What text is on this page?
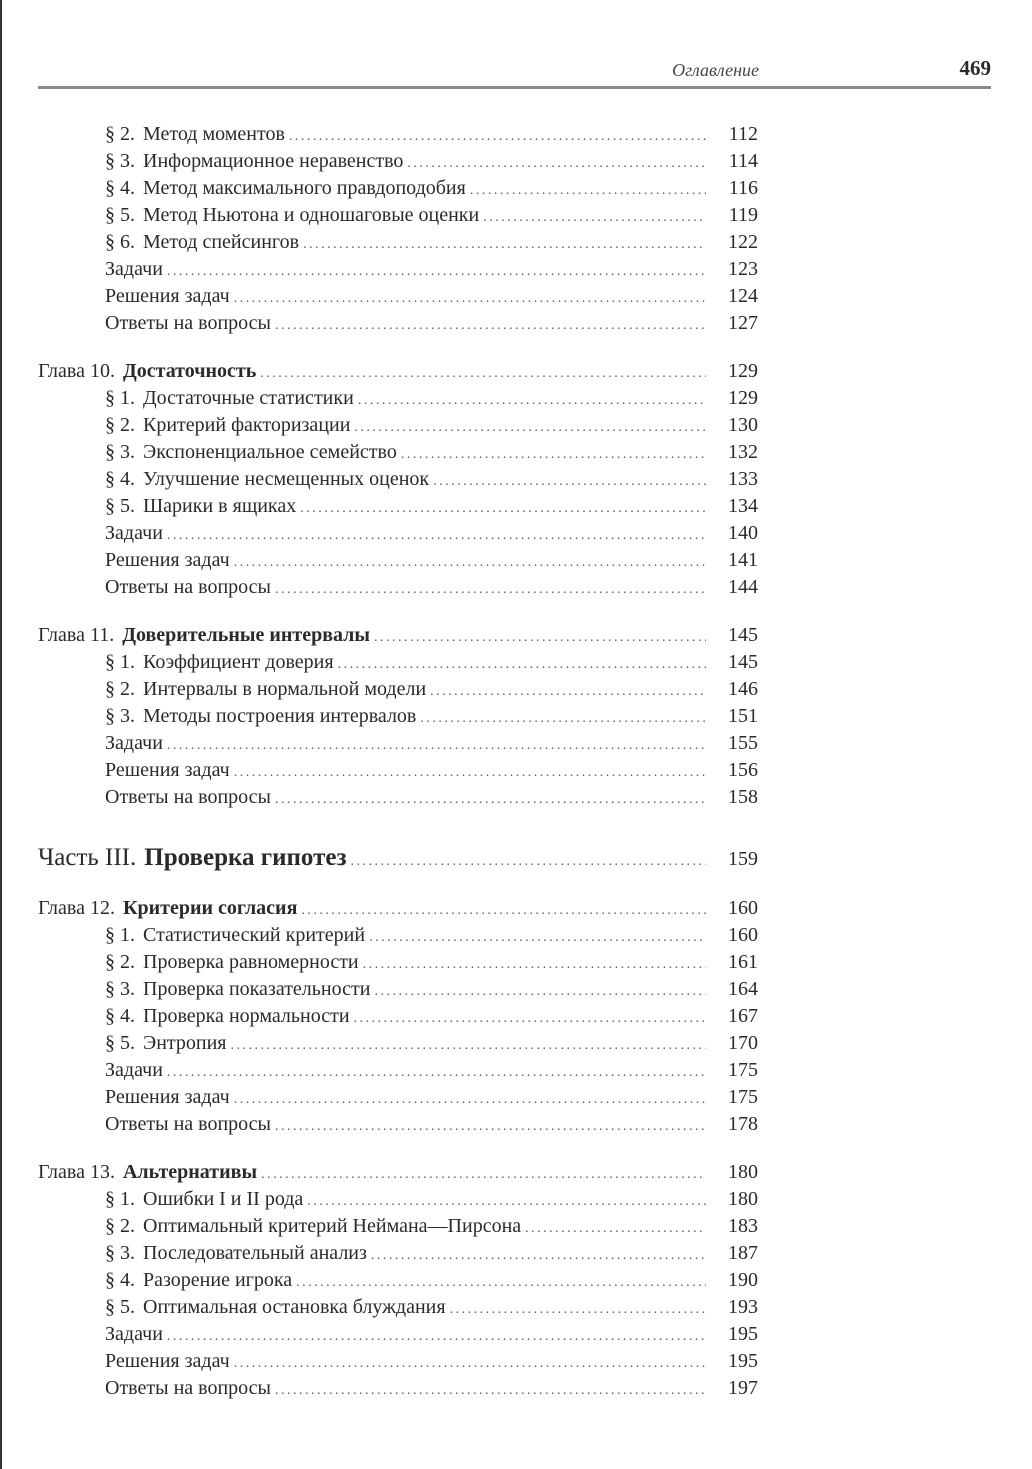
Оглавление	469
§ 2. Метод моментов . . .	112
§ 3. Информационное неравенство . . .	114
§ 4. Метод максимального правдоподобия . . .	116
§ 5. Метод Ньютона и одношаговые оценки . . .	119
§ 6. Метод спейсингов . . .	122
Задачи . . .	123
Решения задач . . .	124
Ответы на вопросы . . .	127
Глава 10. Достаточность . . .	129
§ 1. Достаточные статистики . . .	129
§ 2. Критерий факторизации . . .	130
§ 3. Экспоненциальное семейство . . .	132
§ 4. Улучшение несмещенных оценок . . .	133
§ 5. Шарики в ящиках . . .	134
Задачи . . .	140
Решения задач . . .	141
Ответы на вопросы . . .	144
Глава 11. Доверительные интервалы . . .	145
§ 1. Коэффициент доверия . . .	145
§ 2. Интервалы в нормальной модели . . .	146
§ 3. Методы построения интервалов . . .	151
Задачи . . .	155
Решения задач . . .	156
Ответы на вопросы . . .	158
Часть III. Проверка гипотез . . .	159
Глава 12. Критерии согласия . . .	160
§ 1. Статистический критерий . . .	160
§ 2. Проверка равномерности . . .	161
§ 3. Проверка показательности . . .	164
§ 4. Проверка нормальности . . .	167
§ 5. Энтропия . . .	170
Задачи . . .	175
Решения задач . . .	175
Ответы на вопросы . . .	178
Глава 13. Альтернативы . . .	180
§ 1. Ошибки I и II рода . . .	180
§ 2. Оптимальный критерий Неймана—Пирсона . . .	183
§ 3. Последовательный анализ . . .	187
§ 4. Разорение игрока . . .	190
§ 5. Оптимальная остановка блуждания . . .	193
Задачи . . .	195
Решения задач . . .	195
Ответы на вопросы . . .	197
